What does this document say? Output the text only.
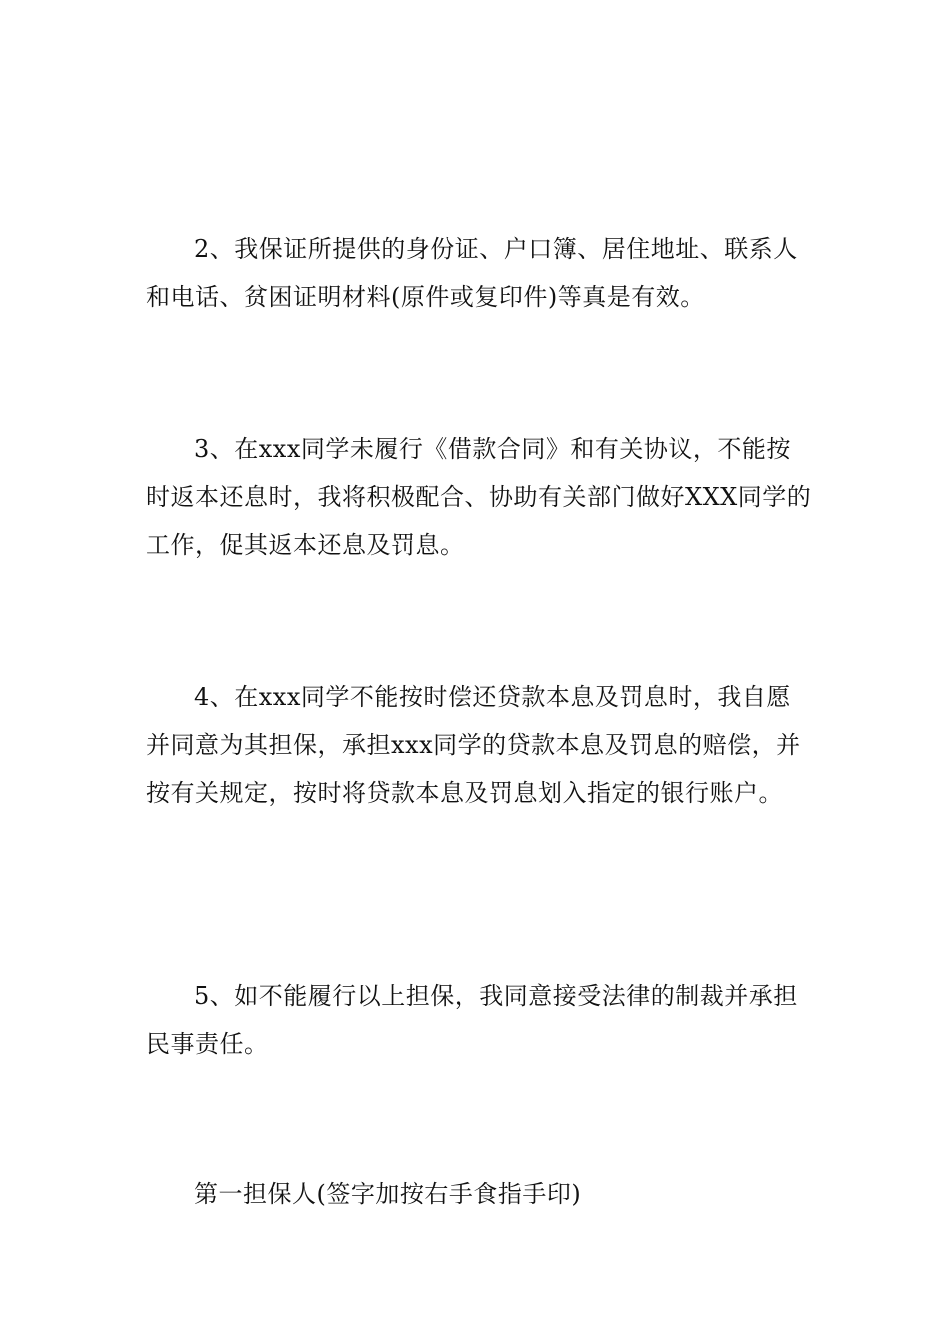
2、我保证所提供的身份证、户口簿、居住地址、联系人和电话、贫困证明材料(原件或复印件)等真是有效。

3、在xxx同学未履行《借款合同》和有关协议，不能按时返本还息时，我将积极配合、协助有关部门做好XXX同学的工作，促其返本还息及罚息。

4、在xxx同学不能按时偿还贷款本息及罚息时，我自愿并同意为其担保，承担xxx同学的贷款本息及罚息的赔偿，并按有关规定，按时将贷款本息及罚息划入指定的银行账户。

5、如不能履行以上担保，我同意接受法律的制裁并承担民事责任。

第一担保人(签字加按右手食指手印)
